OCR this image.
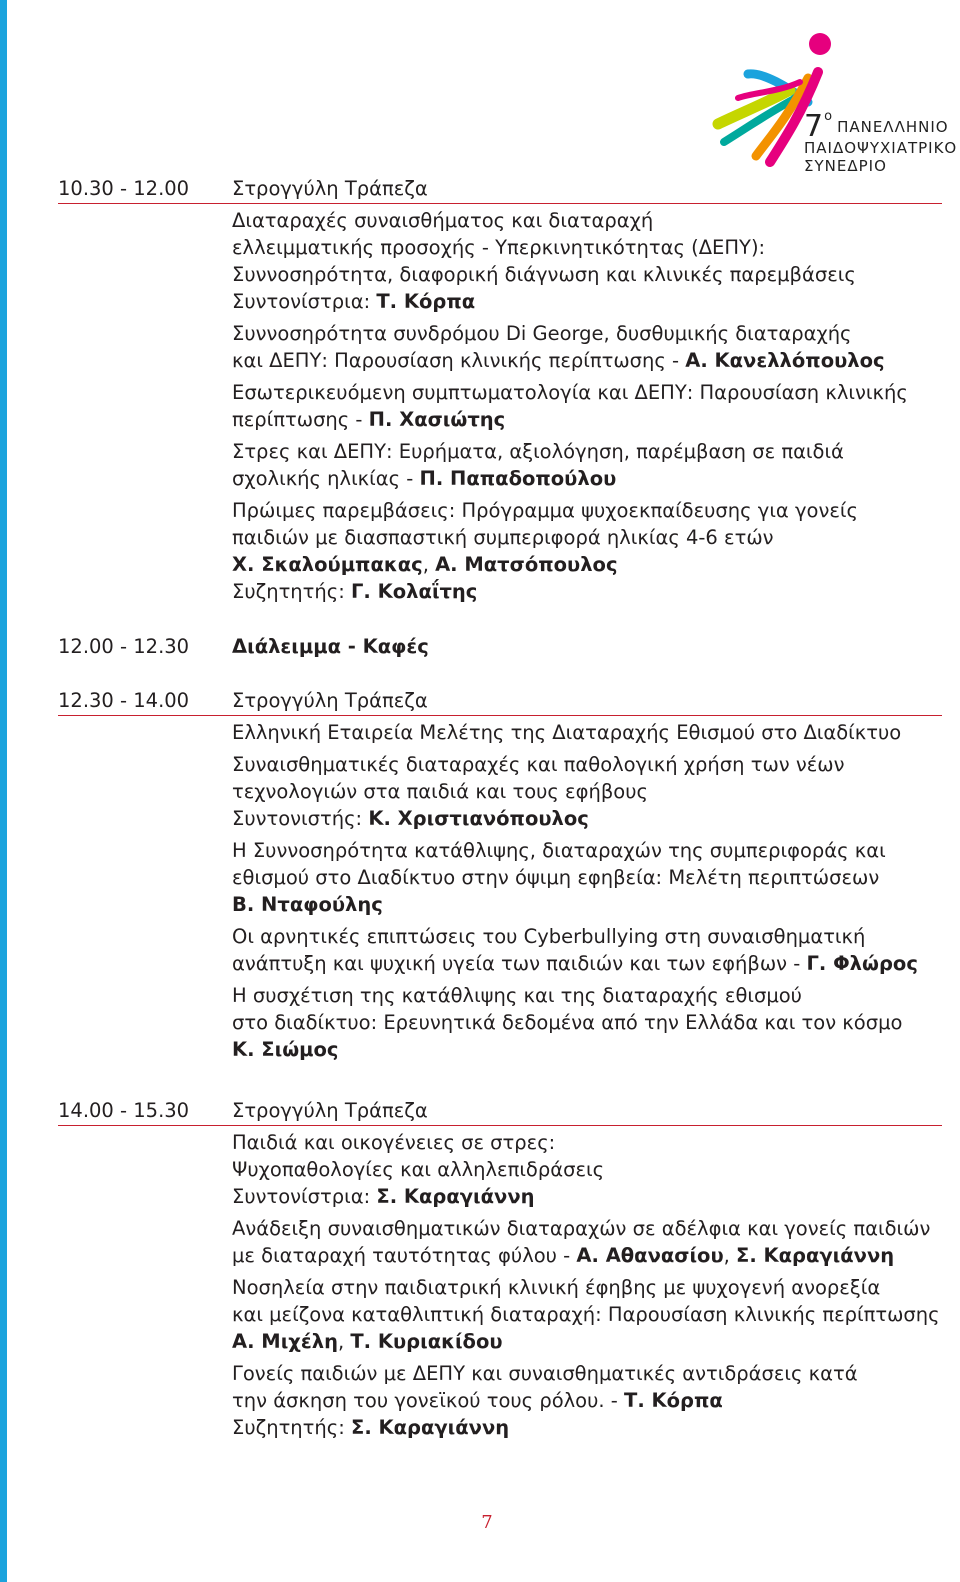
7οΠΑΝΕΛΛΗΝΙΟ
ΠΑΙΔΟΨΥΧΙΑΤΡΙΚΟ
ΣΥΝΕΔΡΙΟ
10.30 - 12.00 Στρογγύλη Τράπεζα
Διαταραχές συναισθήματος και διαταραχή
ελλειμματικής προσοχής - Υπερκινητικότητας (ΔΕΠΥ):
Συννοσηρότητα, διαφορική διάγνωση και κλινικές παρεμβάσεις
Συντονίστρια: Τ. Κόρπα
Συννοσηρότητα συνδρόμου Di George, δυσθυμικής διαταραχής
και ΔΕΠΥ: Παρουσίαση κλινικής περίπτωσης - Α. Κανελλόπουλος
Εσωτερικευόμενη συμπτωματολογία και ΔΕΠΥ: Παρουσίαση κλινικής
περίπτωσης - Π. Χασιώτης
Στρες και ΔΕΠΥ: Ευρήματα, αξιολόγηση, παρέμβαση σε παιδιά
σχολικής ηλικίας - Π. Παπαδοπούλου
Πρώιμες παρεμβάσεις: Πρόγραμμα ψυχοεκπαίδευσης για γονείς
παιδιών με διασπαστική συμπεριφορά ηλικίας 4-6 ετών
Χ. Σκαλούμπακας, Α. Ματσόπουλος
Συζητητής: Γ. Κολαΐτης
12.00 - 12.30 Διάλειμμα - Καφές
12.30 - 14.00 Στρογγύλη Τράπεζα
Ελληνική Εταιρεία Μελέτης της Διαταραχής Εθισμού στο Διαδίκτυο
Συναισθηματικές διαταραχές και παθολογική χρήση των νέων
τεχνολογιών στα παιδιά και τους εφήβους
Συντονιστής: Κ. Χριστιανόπουλος
Η Συννοσηρότητα κατάθλιψης, διαταραχών της συμπεριφοράς και
εθισμού στο Διαδίκτυο στην όψιμη εφηβεία: Μελέτη περιπτώσεων
Β. Νταφούλης
Οι αρνητικές επιπτώσεις του Cyberbullying στη συναισθηματική
ανάπτυξη και ψυχική υγεία των παιδιών και των εφήβων - Γ. Φλώρος
Η συσχέτιση της κατάθλιψης και της διαταραχής εθισμού
στο διαδίκτυο: Ερευνητικά δεδομένα από την Ελλάδα και τον κόσμο
Κ. Σιώμος
14.00 - 15.30 Στρογγύλη Τράπεζα
Παιδιά και οικογένειες σε στρες:
Ψυχοπαθολογίες και αλληλεπιδράσεις
Συντονίστρια: Σ. Καραγιάννη
Ανάδειξη συναισθηματικών διαταραχών σε αδέλφια και γονείς παιδιών
με διαταραχή ταυτότητας φύλου - Α. Αθανασίου, Σ. Καραγιάννη
Νοσηλεία στην παιδιατρική κλινική έφηβης με ψυχογενή ανορεξία
και μείζονα καταθλιπτική διαταραχή: Παρουσίαση κλινικής περίπτωσης
Α. Μιχέλη, Τ. Κυριακίδου
Γονείς παιδιών με ΔΕΠΥ και συναισθηματικές αντιδράσεις κατά
την άσκηση του γονεϊκού τους ρόλου. - Τ. Κόρπα
Συζητητής: Σ. Καραγιάννη
7
